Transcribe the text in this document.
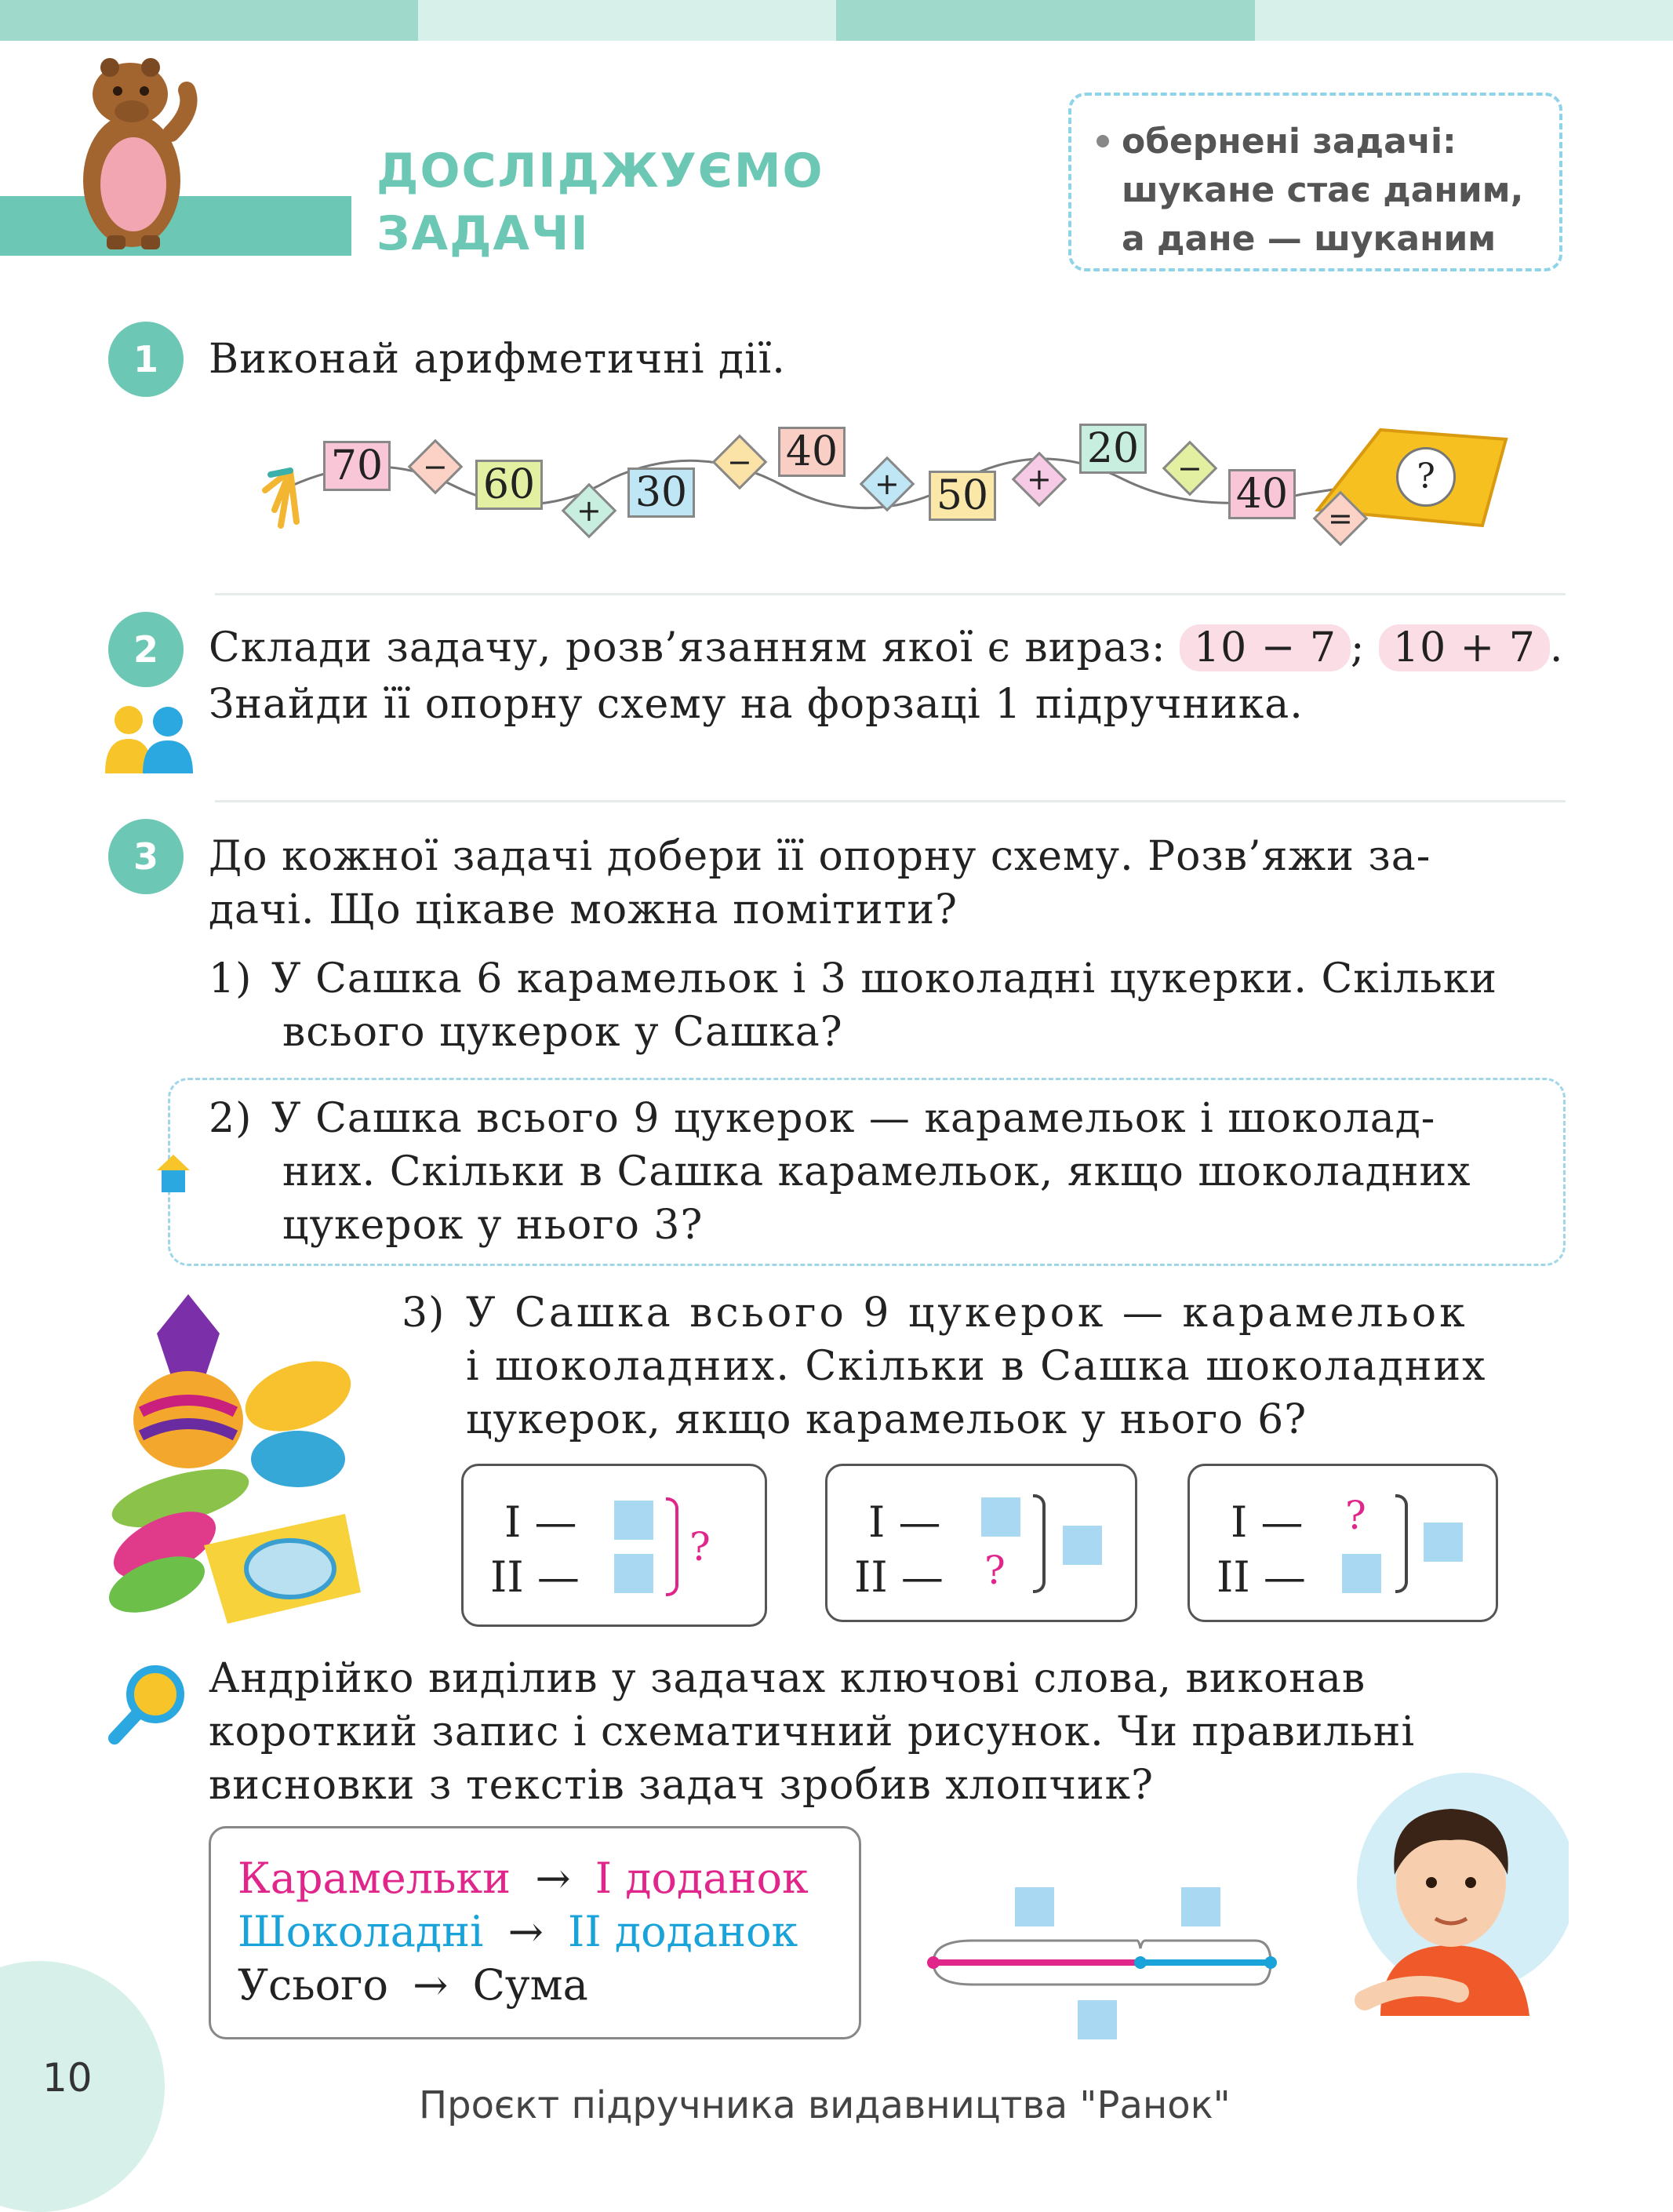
ДОСЛІДЖУЄМО
ЗАДАЧІ
обернені задачі:
шукане стає даним,
а дане — шуканим
1	Виконай арифметичні дії.
70 − 60
+ 30
− 40
+ 50 +
20 −
40
=
?
2	Склади задачу, розв’язанням якої є вираз: 10 − 7 ; 10 + 7 .
Знайди її опорну схему на форзаці 1 підручника.
3	До кожної задачі добери її опорну схему. Розв’яжи за-
дачі. Що цікаве можна помітити?
1) У Сашка 6 карамельок і 3 шоколадні цукерки. Скільки
всього цукерок у Сашка?
2) У Сашка всього 9 цукерок — карамельок і шоколад-
них. Скільки в Сашка карамельок, якщо шоколадних
цукерок у нього 3?
3) У Сашка всього 9 цукерок — карамельок
і шоколадних. Скільки в Сашка шоколадних
цукерок, якщо карамельок у нього 6?
I —
II —
?	I —
II — ?
I —
II —
?
Андрійко виділив у задачах ключові слова, виконав
короткий запис і схематичний рисунок. Чи правильні
висновки з текстів задач зробив хлопчик?
Карамельки → I доданок
Шоколадні → II доданок
Усього → Сума
10
Проєкт підручника видавництва "Ранок"
